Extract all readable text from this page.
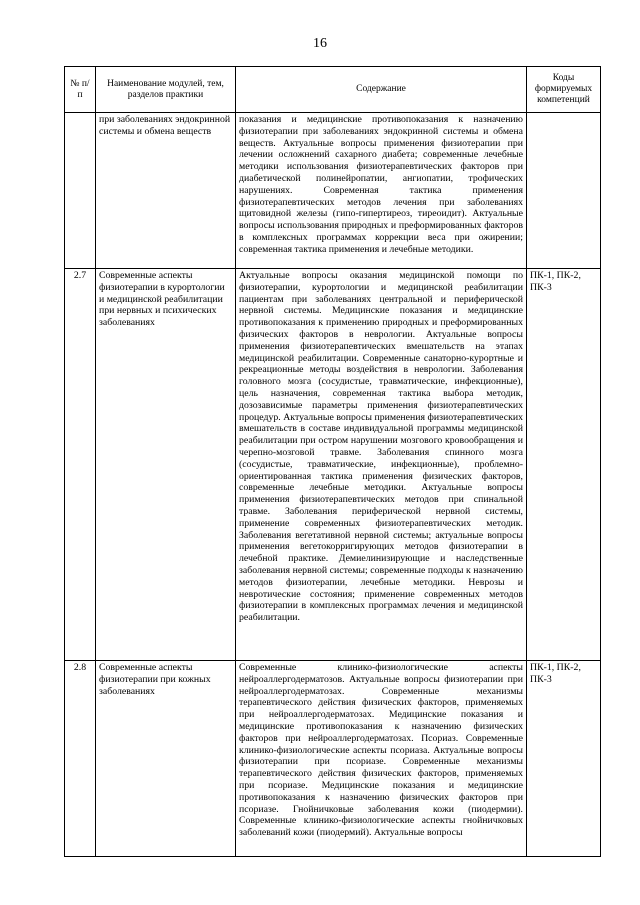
16
№ п/п	Наименование модулей, тем, разделов практики	Содержание	Коды формируемых компетенций
	при заболеваниях эндокринной системы и обмена веществ	показания и медицинские противопоказания к назначению физиотерапии при заболеваниях эндокринной системы и обмена веществ. Актуальные вопросы применения физиотерапии при лечении осложнений сахарного диабета; современные лечебные методики использования физиотерапевтических факторов при диабетической полинейропатии, ангиопатии, трофических нарушениях. Современная тактика применения физиотерапевтических методов лечения при заболеваниях щитовидной железы (гипо-гипертиреоз, тиреоидит). Актуальные вопросы использования природных и преформированных факторов в комплексных программах коррекции веса при ожирении; современная тактика применения и лечебные методики.	
2.7	Современные аспекты физиотерапии в курортологии и медицинской реабилитации при нервных и психических заболеваниях	Актуальные вопросы оказания медицинской помощи по физиотерапии, курортологии и медицинской реабилитации пациентам при заболеваниях центральной и периферической нервной системы. Медицинские показания и медицинские противопоказания к применению природных и преформированных физических факторов в неврологии. Актуальные вопросы применения физиотерапевтических вмешательств на этапах медицинской реабилитации. Современные санаторно-курортные и рекреационные методы воздействия в неврологии. Заболевания головного мозга (сосудистые, травматические, инфекционные), цель назначения, современная тактика выбора методик, дозозависимые параметры применения физиотерапевтических процедур. Актуальные вопросы применения физиотерапевтических вмешательств в составе индивидуальной программы медицинской реабилитации при остром нарушении мозгового кровообращения и черепно-мозговой травме. Заболевания спинного мозга (сосудистые, травматические, инфекционные), проблемно-ориентированная тактика применения физических факторов, современные лечебные методики. Актуальные вопросы применения физиотерапевтических методов при спинальной травме. Заболевания периферической нервной системы, применение современных физиотерапевтических методик. Заболевания вегетативной нервной системы; актуальные вопросы применения вегетокорригирующих методов физиотерапии в лечебной практике. Демиелинизирующие и наследственные заболевания нервной системы; современные подходы к назначению методов физиотерапии, лечебные методики. Неврозы и невротические состояния; применение современных методов физиотерапии в комплексных программах лечения и медицинской реабилитации.	ПК-1, ПК-2, ПК-3
2.8	Современные аспекты физиотерапии при кожных заболеваниях	Современные клинико-физиологические аспекты нейроаллергодерматозов. Актуальные вопросы физиотерапии при нейроаллергодерматозах. Современные механизмы терапевтического действия физических факторов, применяемых при нейроаллергодерматозах. Медицинские показания и медицинские противопоказания к назначению физических факторов при нейроаллергодерматозах. Псориаз. Современные клинико-физиологические аспекты псориаза. Актуальные вопросы физиотерапии при псориазе. Современные механизмы терапевтического действия физических факторов, применяемых при псориазе. Медицинские показания и медицинские противопоказания к назначению физических факторов при псориазе. Гнойничковые заболевания кожи (пиодермии). Современные клинико-физиологические аспекты гнойничковых заболеваний кожи (пиодермий). Актуальные вопросы	ПК-1, ПК-2, ПК-3
